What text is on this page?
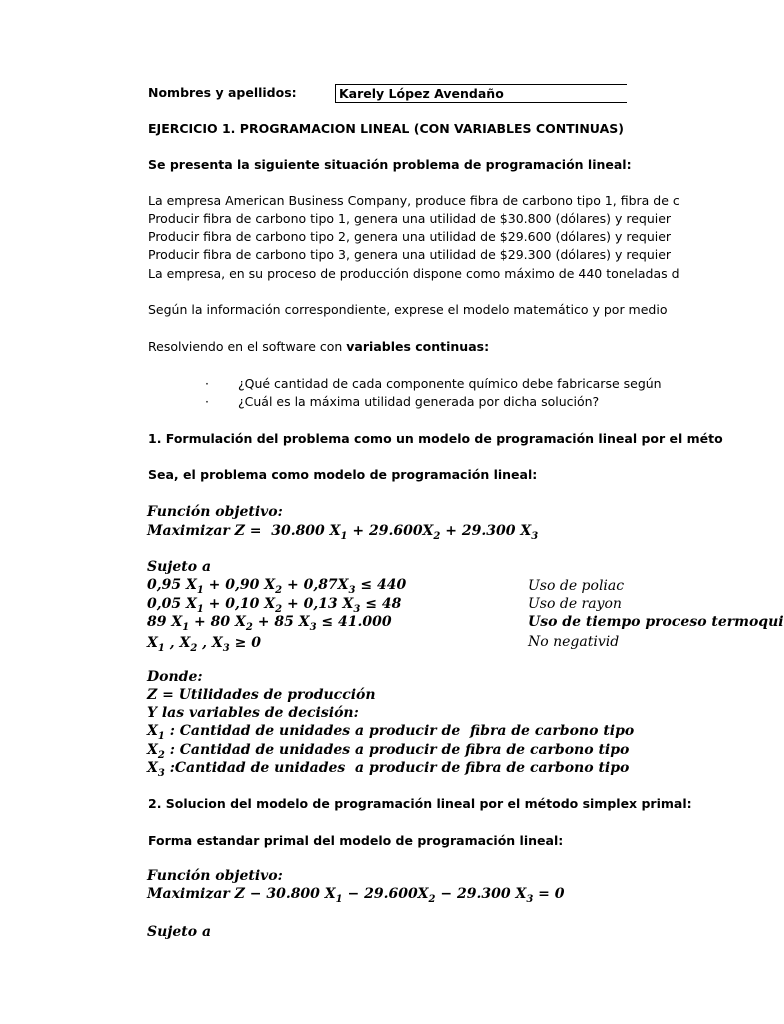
Nombres y apellidos:	Karely López Avendaño
EJERCICIO 1. PROGRAMACION LINEAL (CON VARIABLES CONTINUAS)
Se presenta la siguiente situación problema de programación lineal:
La empresa American Business Company, produce fibra de carbono tipo 1, fibra de c
Producir fibra de carbono tipo 1, genera una utilidad de $30.800 (dólares) y requier
Producir fibra de carbono tipo 2, genera una utilidad de $29.600 (dólares) y requier
Producir fibra de carbono tipo 3, genera una utilidad de $29.300 (dólares) y requier
La empresa, en su proceso de producción dispone como máximo de 440 toneladas d
Según la información correspondiente, exprese el modelo matemático y por medio
Resolviendo en el software con variables continuas:
· ¿Qué cantidad de cada componente químico debe fabricarse según
· ¿Cuál es la máxima utilidad generada por dicha solución?
1. Formulación del problema como un modelo de programación lineal por el méto
Sea, el problema como modelo de programación lineal:
Función objetivo:
Maximizar Z =  30.800 $X_1 + 29.600X_2 + 29.300$ $X_3$
Sujeto a
0,95 $X_1 + 0,90$ $X_2 + 0,87X_3 \le 440$
0,05 $X_1 + 0,10$ $X_2 + 0,13$ $X_3 \le 48$
89 $X_1 + 80$ $X_2 + 85$ $X_3 \le 41.000$
$X_1$ , $X_2$ , $X_3 \ge 0$
Uso de poliac
Uso de rayon
No negativid
Donde:
Z = Utilidades de producción
Y las variables de decisión:
$X_1$ : Cantidad de unidades a producir de  fibra de carbono tipo
$X_2$ : Cantidad de unidades a producir de fibra de carbono tipo
$X_3$ :Cantidad de unidades  a producir de fibra de carbono tipo
2. Solucion del modelo de programación lineal por el método simplex primal:
Forma estandar primal del modelo de programación lineal:
Función objetivo:
Maximizar Z − 30.800 $X_1 - 29.600X_2 - 29.300$ $X_3 = 0$
Sujeto a
Uso de tiempo proceso termoqui
